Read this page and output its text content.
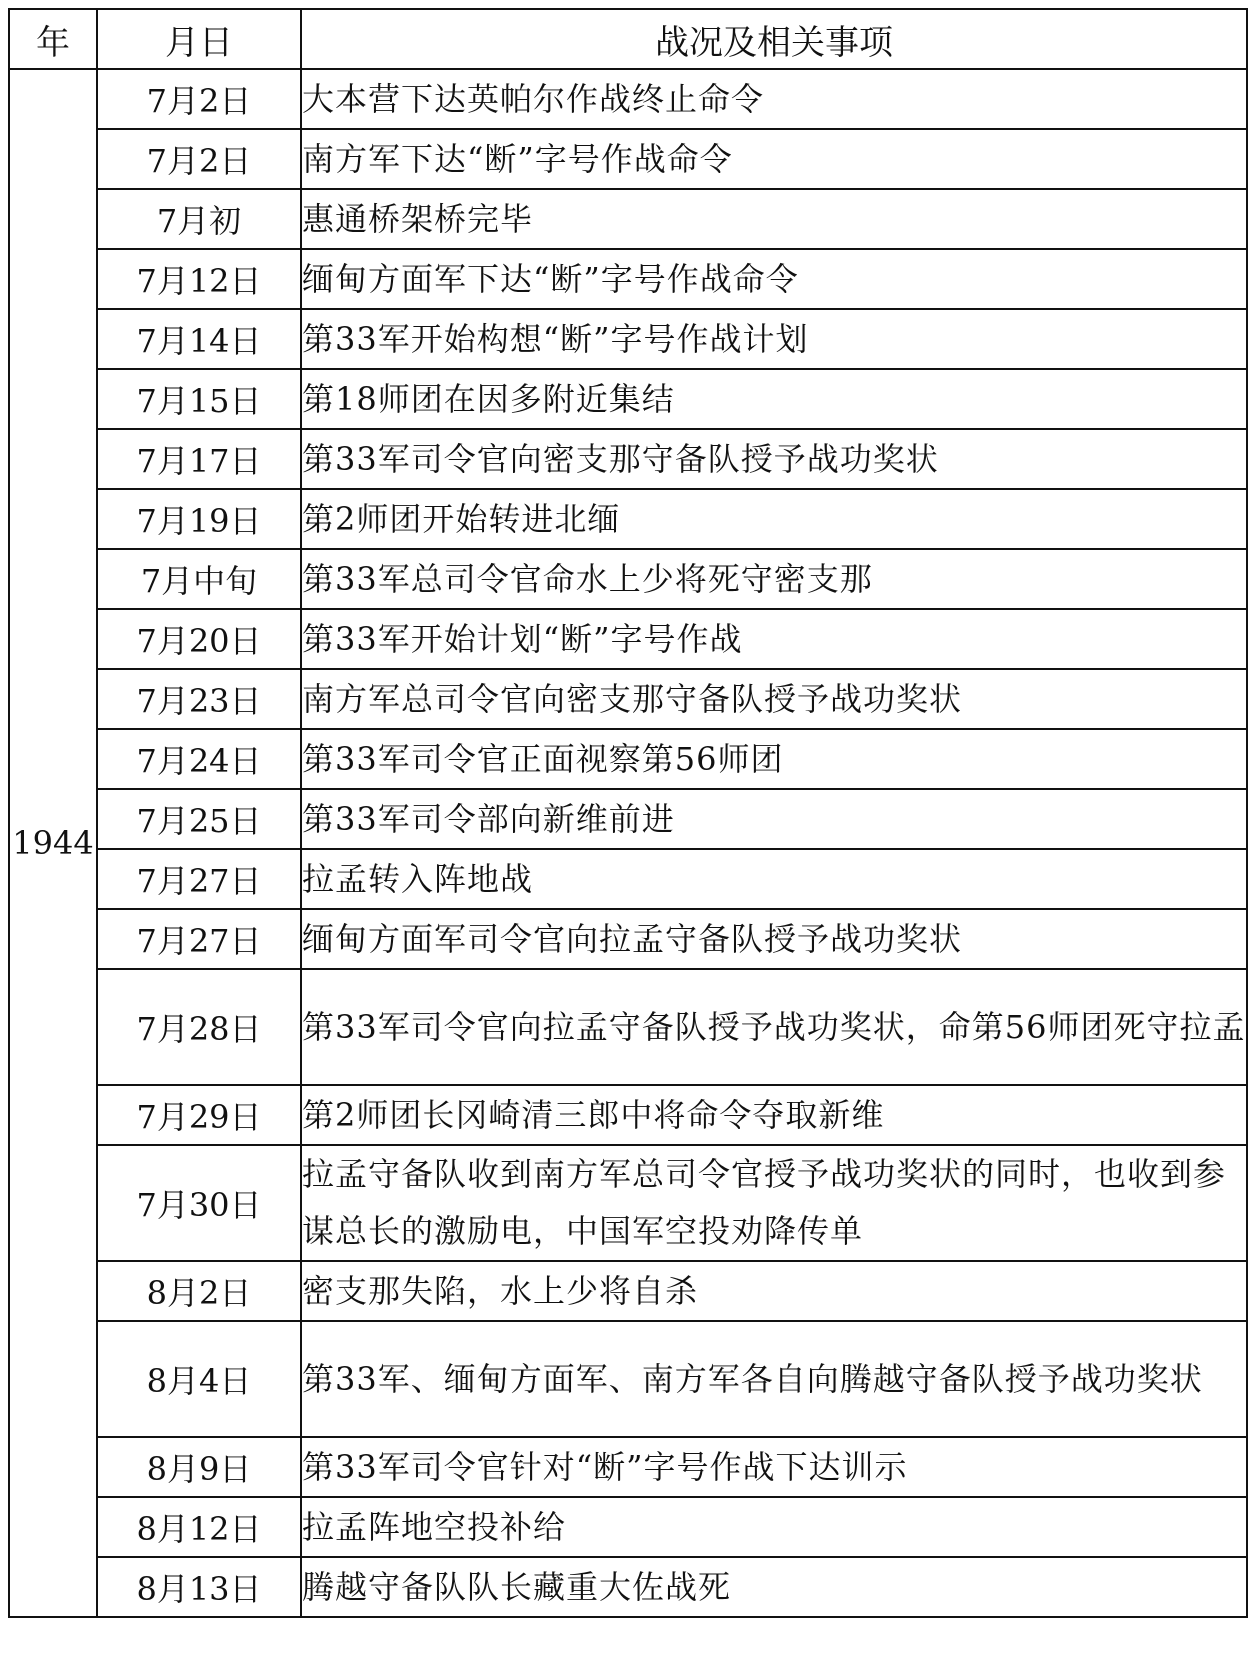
年	月日	战况及相关事项
1944	7月2日	大本营下达英帕尔作战终止命令
	7月2日	南方军下达“断”字号作战命令
	7月初	惠通桥架桥完毕
	7月12日	缅甸方面军下达“断”字号作战命令
	7月14日	第33军开始构想“断”字号作战计划
	7月15日	第18师团在因多附近集结
	7月17日	第33军司令官向密支那守备队授予战功奖状
	7月19日	第2师团开始转进北缅
	7月中旬	第33军总司令官命水上少将死守密支那
	7月20日	第33军开始计划“断”字号作战
	7月23日	南方军总司令官向密支那守备队授予战功奖状
	7月24日	第33军司令官正面视察第56师团
	7月25日	第33军司令部向新维前进
	7月27日	拉孟转入阵地战
	7月27日	缅甸方面军司令官向拉孟守备队授予战功奖状
	7月28日	第33军司令官向拉孟守备队授予战功奖状，命第56师团死守拉孟
	7月29日	第2师团长冈崎清三郎中将命令夺取新维
	7月30日	拉孟守备队收到南方军总司令官授予战功奖状的同时，也收到参谋总长的激励电，中国军空投劝降传单
	8月2日	密支那失陷，水上少将自杀
	8月4日	第33军、缅甸方面军、南方军各自向腾越守备队授予战功奖状
	8月9日	第33军司令官针对“断”字号作战下达训示
	8月12日	拉孟阵地空投补给
	8月13日	腾越守备队队长藏重大佐战死
